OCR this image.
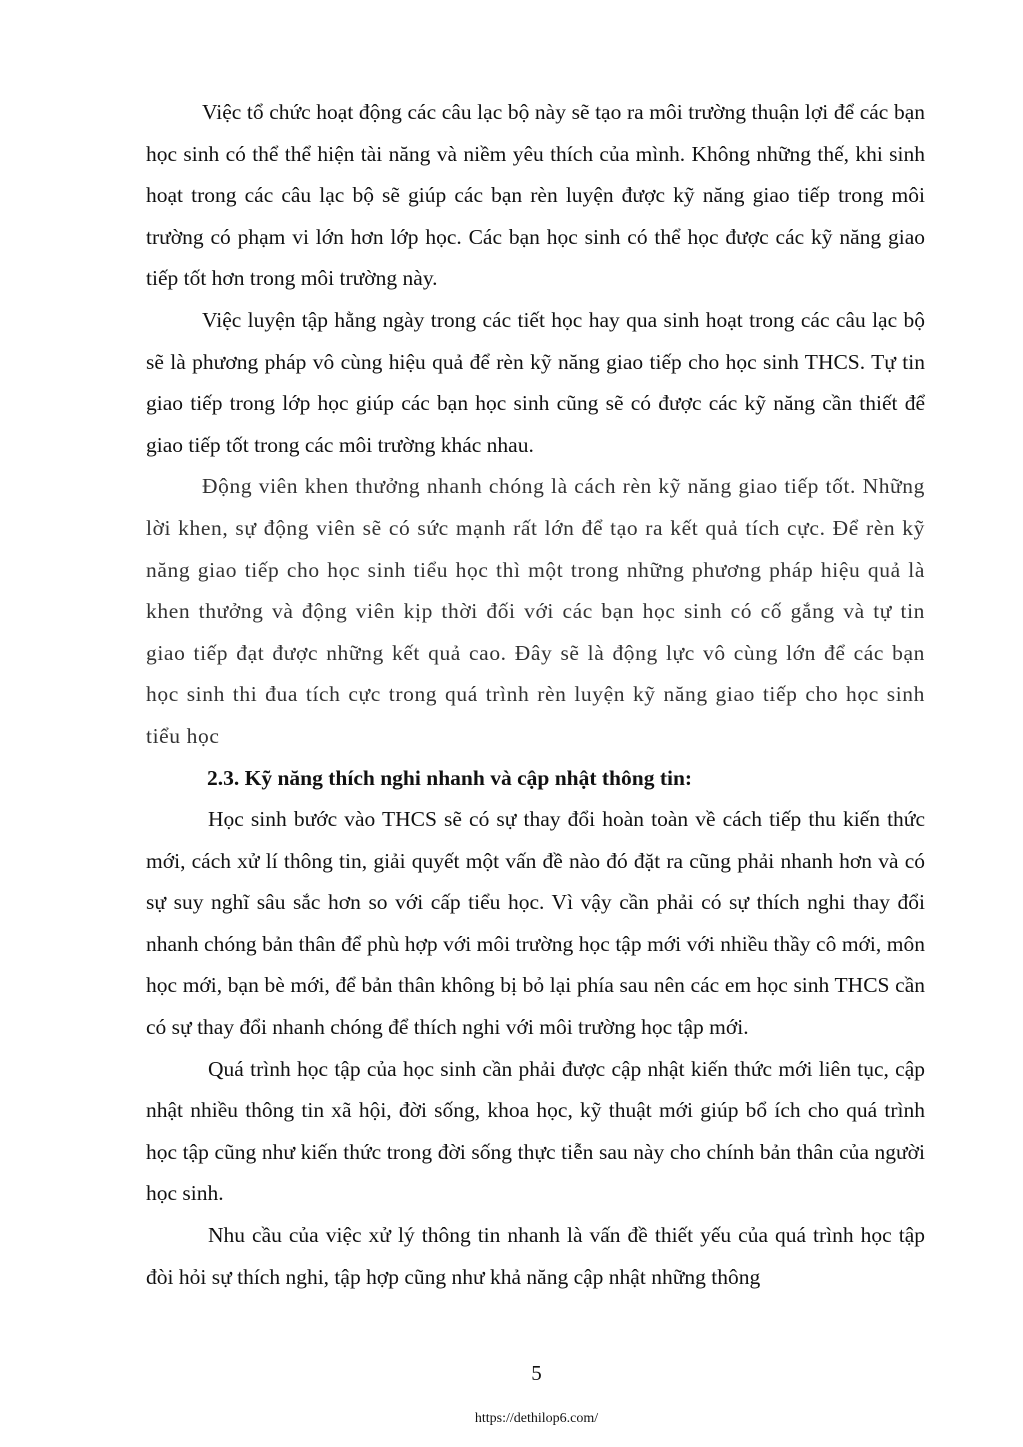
Việc tổ chức hoạt động các câu lạc bộ này sẽ tạo ra môi trường thuận lợi để các bạn học sinh có thể thể hiện tài năng và niềm yêu thích của mình. Không những thế, khi sinh hoạt trong các câu lạc bộ sẽ giúp các bạn rèn luyện được kỹ năng giao tiếp trong môi trường có phạm vi lớn hơn lớp học. Các bạn học sinh có thể học được các kỹ năng giao tiếp tốt hơn trong môi trường này.

Việc luyện tập hằng ngày trong các tiết học hay qua sinh hoạt trong các câu lạc bộ sẽ là phương pháp vô cùng hiệu quả để rèn kỹ năng giao tiếp cho học sinh THCS. Tự tin giao tiếp trong lớp học giúp các bạn học sinh cũng sẽ có được các kỹ năng cần thiết để giao tiếp tốt trong các môi trường khác nhau.

Động viên khen thưởng nhanh chóng là cách rèn kỹ năng giao tiếp tốt. Những lời khen, sự động viên sẽ có sức mạnh rất lớn để tạo ra kết quả tích cực. Để rèn kỹ năng giao tiếp cho học sinh tiểu học thì một trong những phương pháp hiệu quả là khen thưởng và động viên kịp thời đối với các bạn học sinh có cố gắng và tự tin giao tiếp đạt được những kết quả cao. Đây sẽ là động lực vô cùng lớn để các bạn học sinh thi đua tích cực trong quá trình rèn luyện kỹ năng giao tiếp cho học sinh tiểu học

2.3. Kỹ năng thích nghi nhanh và cập nhật thông tin:

Học sinh bước vào THCS sẽ có sự thay đổi hoàn toàn về cách tiếp thu kiến thức mới, cách xử lí thông tin, giải quyết một vấn đề nào đó đặt ra cũng phải nhanh hơn và có sự suy nghĩ sâu sắc hơn so với cấp tiểu học. Vì vậy cần phải có sự thích nghi thay đổi nhanh chóng bản thân để phù hợp với môi trường học tập mới với nhiều thầy cô mới, môn học mới, bạn bè mới, để bản thân không bị bỏ lại phía sau nên các em học sinh THCS cần có sự thay đổi nhanh chóng để thích nghi với môi trường học tập mới.

Quá trình học tập của học sinh cần phải được cập nhật kiến thức mới liên tục, cập nhật nhiều thông tin xã hội, đời sống, khoa học, kỹ thuật mới giúp bổ ích cho quá trình học tập cũng như kiến thức trong đời sống thực tiễn sau này cho chính bản thân của người học sinh.

Nhu cầu của việc xử lý thông tin nhanh là vấn đề thiết yếu của quá trình học tập đòi hỏi sự thích nghi, tập hợp cũng như khả năng cập nhật những thông

5
https://dethilop6.com/
